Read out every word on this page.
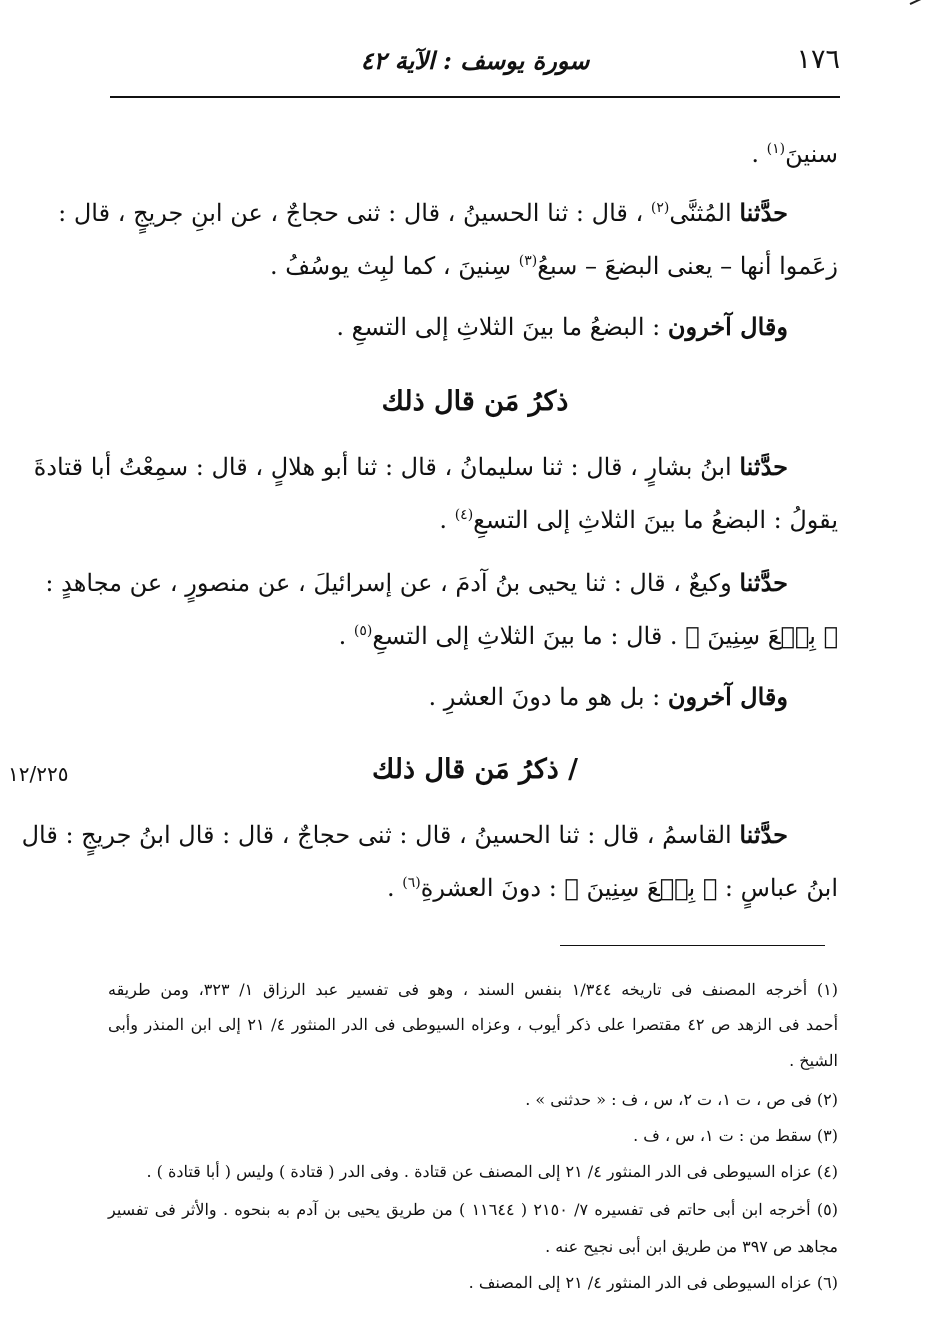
١٧٦
سورة يوسف : الآية ٤٢
١٢/٢٢٥
سنينَ$^{(١)}$ .
حدَّثنا المُثنَّى$^{(٢)}$ ، قال : ثنا الحسينُ ، قال : ثنى حجاجٌ ، عن ابنِ جريجٍ ، قال :
زعَموا أنها – يعنى البضعَ – سبعُ$^{(٣)}$ سِنينَ ، كما لبِث يوسُفُ .
وقال آخرون : البضعُ ما بينَ الثلاثِ إلى التسعِ .
ذكرُ مَن قال ذلك
حدَّثنا ابنُ بشارٍ ، قال : ثنا سليمانُ ، قال : ثنا أبو هلالٍ ، قال : سمِعْتُ أبا قتادةَ
يقولُ : البضعُ ما بينَ الثلاثِ إلى التسعِ$^{(٤)}$ .
حدَّثنا وكيعٌ ، قال : ثنا يحيى بنُ آدمَ ، عن إسرائيلَ ، عن منصورٍ ، عن مجاهدٍ :
﴿ بِضۡعَ سِنِينَ ﴾ . قال : ما بينَ الثلاثِ إلى التسعِ$^{(٥)}$ .
وقال آخرون : بل هو ما دونَ العشرِ .
/ ذكرُ مَن قال ذلك
حدَّثنا القاسمُ ، قال : ثنا الحسينُ ، قال : ثنى حجاجٌ ، قال : قال ابنُ جريجٍ : قال
ابنُ عباسٍ : ﴿ بِضۡعَ سِنِينَ ﴾ : دونَ العشرةِ$^{(٦)}$ .
(١) أخرجه المصنف فى تاريخه ١/٣٤٤ بنفس السند ، وهو فى تفسير عبد الرزاق ١/ ٣٢٣، ومن طريقه
أحمد فى الزهد ص ٤٢ مقتصرا على ذكر أيوب ، وعزاه السيوطى فى الدر المنثور ٤/ ٢١ إلى ابن المنذر وأبى
الشيخ .
(٢) فى ص ، ت ١، ت ٢، س ، ف : « حدثنى » .
(٣) سقط من : ت ١، س ، ف .
(٤) عزاه السيوطى فى الدر المنثور ٤/ ٢١ إلى المصنف عن قتادة . وفى الدر ( قتادة ) وليس ( أبا قتادة ) .
(٥) أخرجه ابن أبى حاتم فى تفسيره ٧/ ٢١٥٠ ( ١١٦٤٤ ) من طريق يحيى بن آدم به بنحوه . والأثر فى تفسير
مجاهد ص ٣٩٧ من طريق ابن أبى نجيح عنه .
(٦) عزاه السيوطى فى الدر المنثور ٤/ ٢١ إلى المصنف .
